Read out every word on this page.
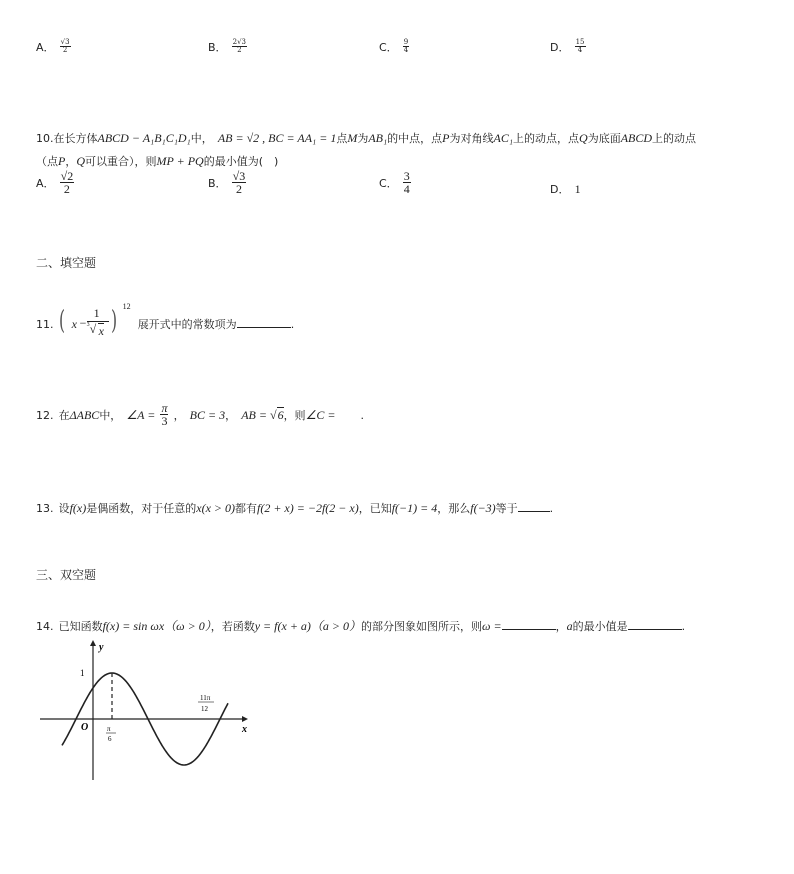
A． $\frac{√3}{2}$	B． $\frac{2√3}{2}$	C． $\frac{9}{4}$	D． $\frac{15}{4}$
10.在长方体ABCD − A₁B₁C₁D₁中， AB = √2 , BC = AA₁ = 1点M为AB₁的中点，点P为对角线AC₁上的动点，点Q为底面ABCD上的动点
（点P，Q可以重合），则MP + PQ的最小值为(　)
A． $\frac{√2}{2}$	B． $\frac{√3}{2}$	C． $\frac{3}{4}$	D． 1
二、填空题
$_{11.}$ ( x −
1
3 √ x ) 12
$_{展开式中的常数项为}$	$_.$
12. 在ΔABC中， ∠A = $\frac{\pi}{3}$ ， BC = 3， AB = √6，则∠C = .
13. 设f(x)是偶函数，对于任意的x(x > 0)都有f(2 + x) = −2f(2 − x)，已知f(−1) = 4，那么f(−3)等于	.
三、双空题
14. 已知函数f(x) = sin ωx（ω > 0），若函数y = f(x + a)（a > 0）的部分图象如图所示，则ω =	，a的最小值是	.
y
x
O
1
π
6
11π
12
